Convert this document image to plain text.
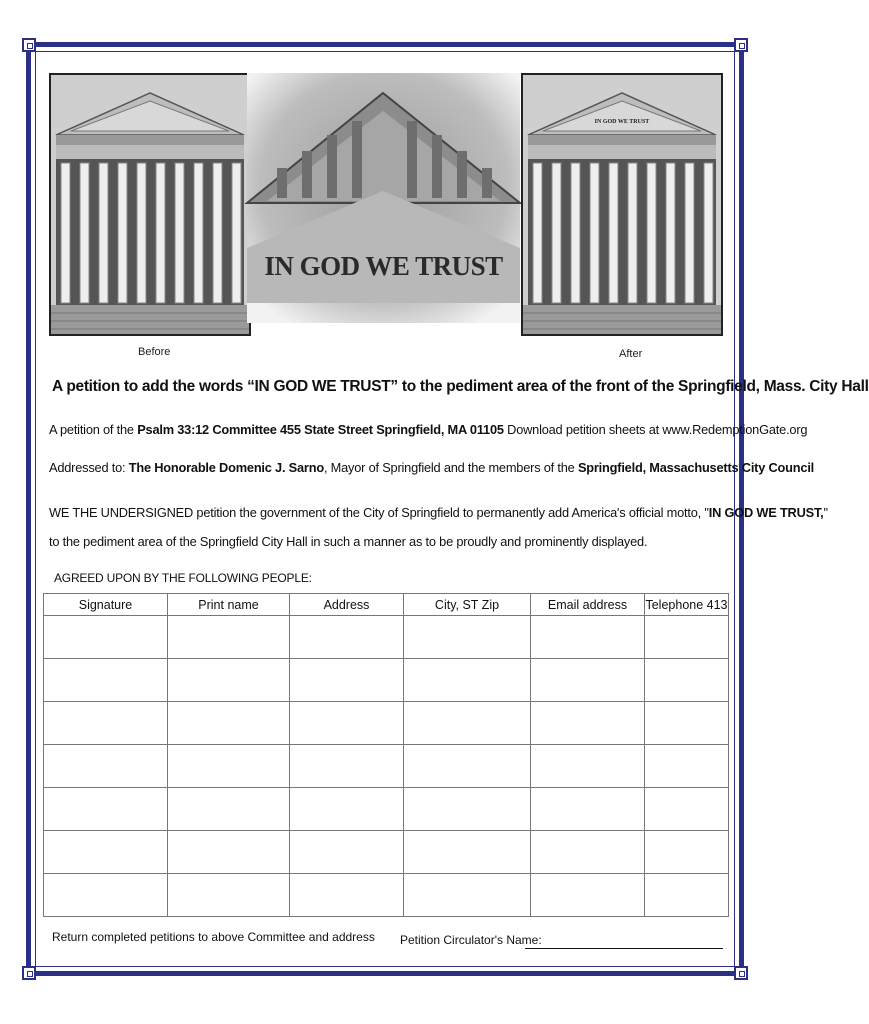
IN GOD WE TRUST
IN GOD WE TRUST
Before	After
A petition to add the words “IN GOD WE TRUST” to the pediment area of the front of the Springfield, Mass. City Hall
A petition of the Psalm 33:12 Committee 455 State Street Springfield, MA 01105 Download petition sheets at www.RedemptionGate.org
Addressed to: The Honorable Domenic J. Sarno, Mayor of Springfield and the members of the Springfield, Massachusetts City Council
WE THE UNDERSIGNED petition the government of the City of Springfield to permanently add America's official motto, "IN GOD WE TRUST,"
to the pediment area of the Springfield City Hall in such a manner as to be proudly and prominently displayed.
AGREED UPON BY THE FOLLOWING PEOPLE:
Signature	Print name	Address	City, ST Zip	Email address	Telephone 413

Return completed petitions to above Committee and address Petition Circulator's Name:
